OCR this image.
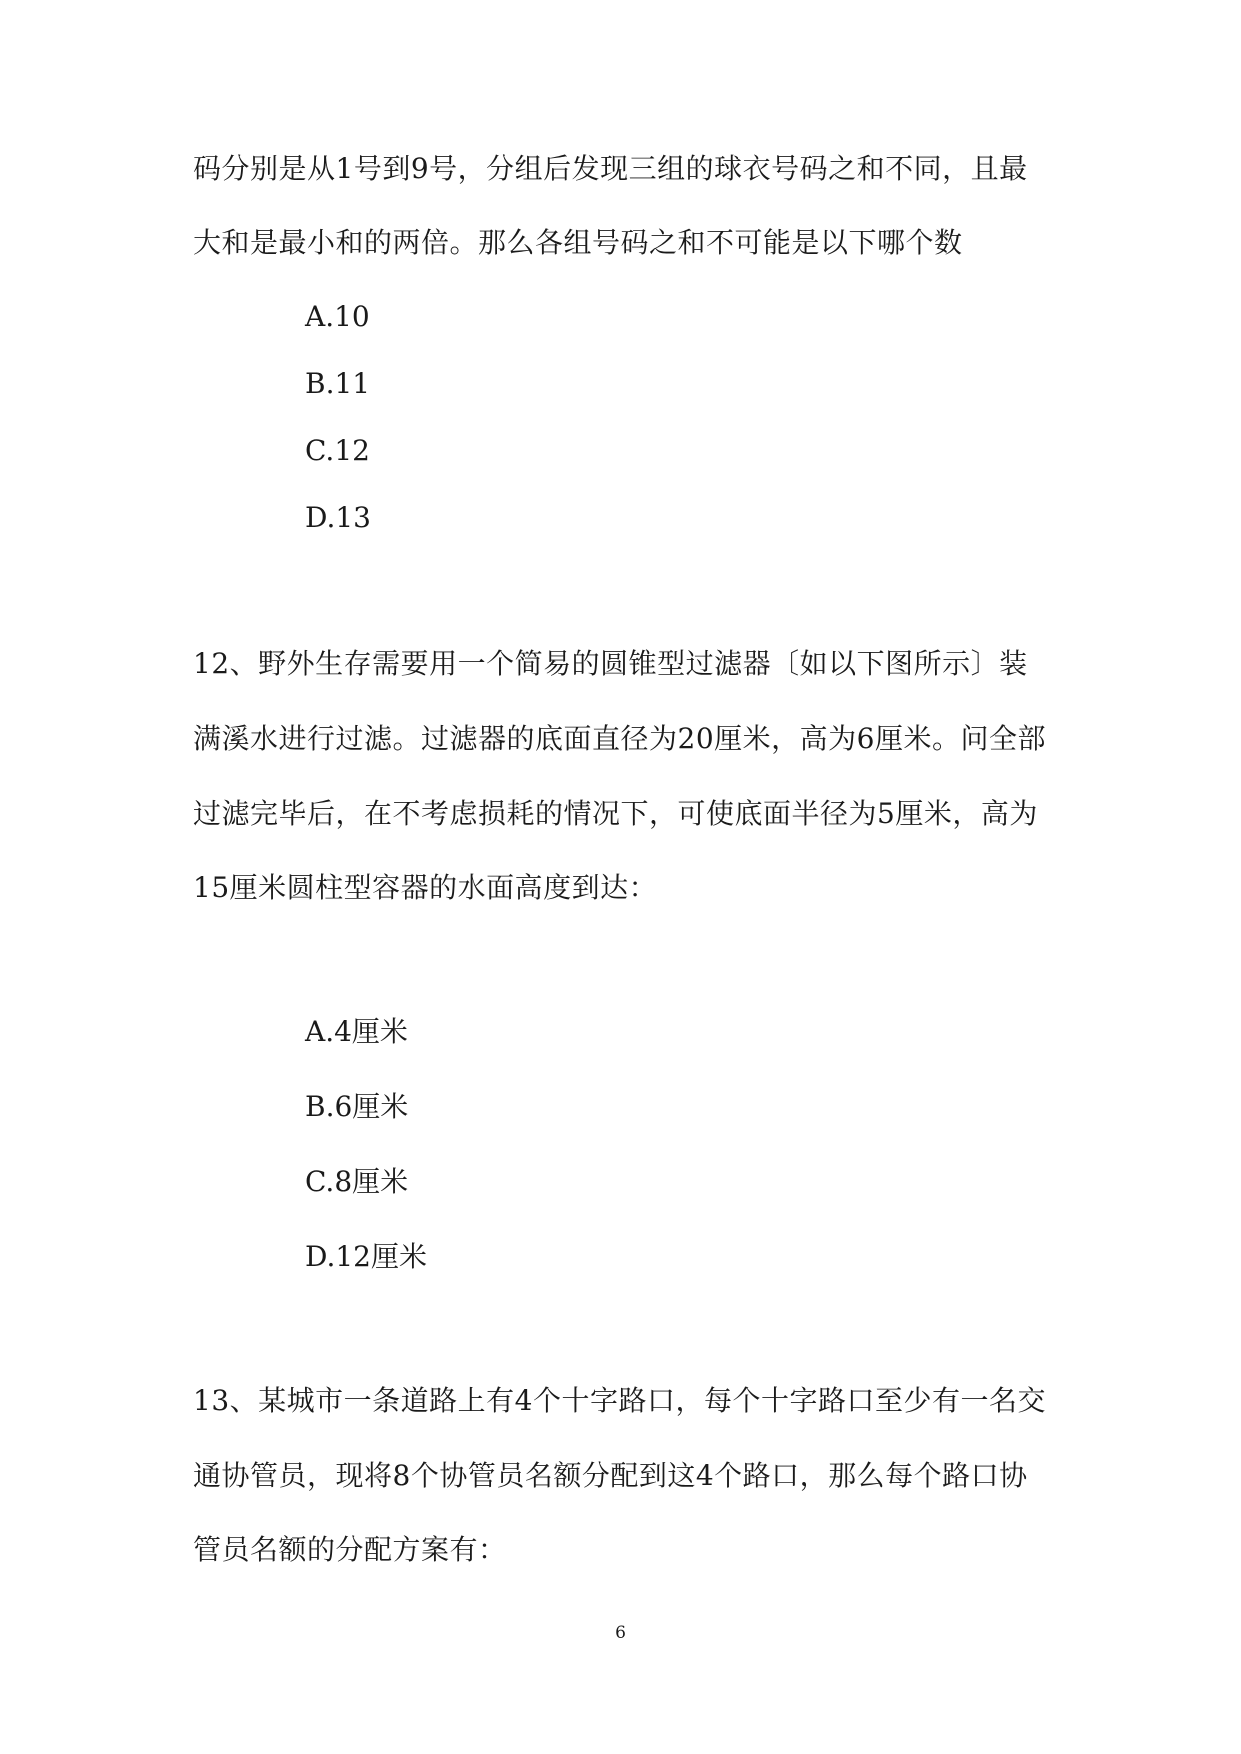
码分别是从1号到9号，分组后发现三组的球衣号码之和不同，且最
大和是最小和的两倍。那么各组号码之和不可能是以下哪个数
A.10
B.11
C.12
D.13
12、野外生存需要用一个简易的圆锥型过滤器〔如以下图所示〕装
满溪水进行过滤。过滤器的底面直径为20厘米，高为6厘米。问全部
过滤完毕后，在不考虑损耗的情况下，可使底面半径为5厘米，高为
15厘米圆柱型容器的水面高度到达：
A.4厘米
B.6厘米
C.8厘米
D.12厘米
13、某城市一条道路上有4个十字路口，每个十字路口至少有一名交
通协管员，现将8个协管员名额分配到这4个路口，那么每个路口协
管员名额的分配方案有：
6
